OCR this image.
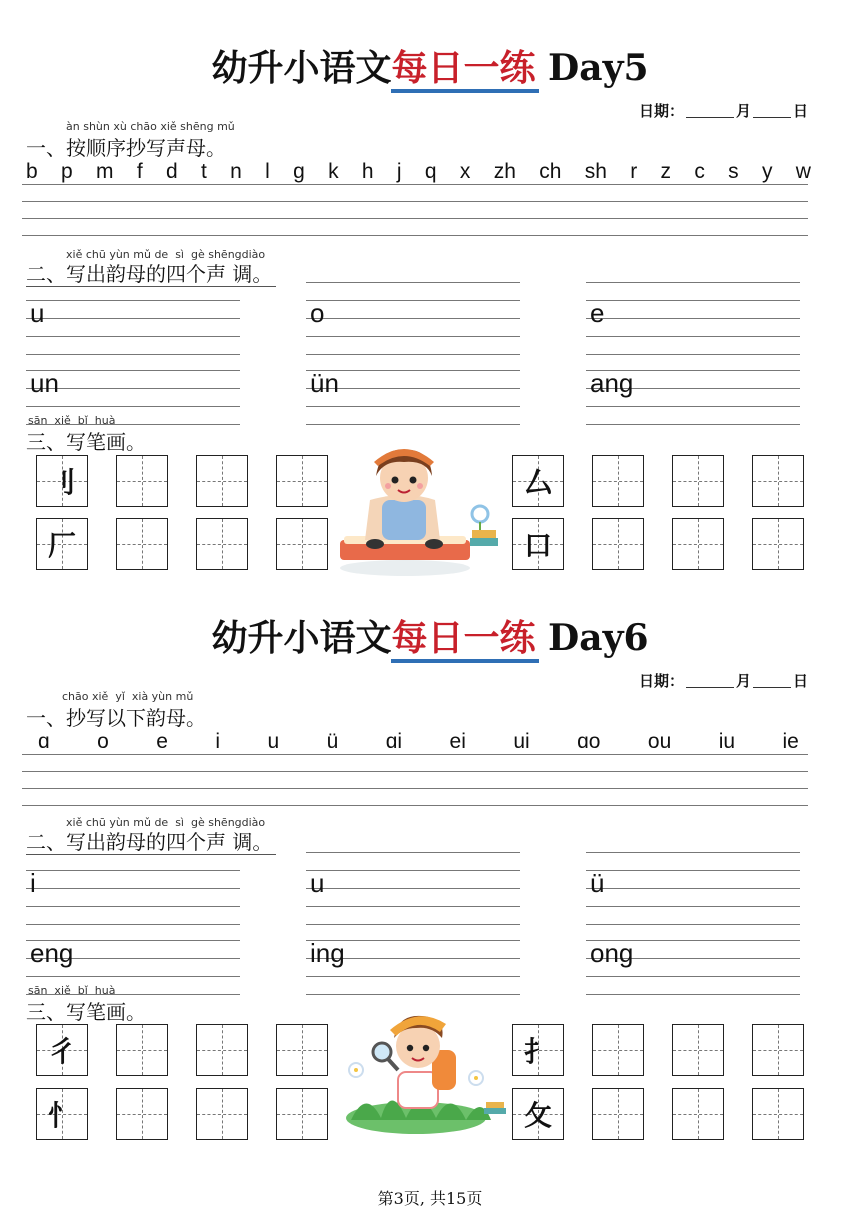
幼升小语文每日一练 Day5
日期：	月	日
àn shùn xù chāo xiě shēng mǔ
一、按顺序抄写声母。
b p m f d t n l g k h j q x zh ch sh r z c s y w
xiě chū yùn mǔ de  sì  gè shēngdiào
二、写出韵母的四个声 调。
u	o	e
un	ün	ang
sān  xiě  bǐ  huà
三、写笔画。
刂	厶
厂	口
幼升小语文每日一练 Day6
日期：	月	日
chāo xiě  yǐ  xià yùn mǔ
一、抄写以下韵母。
ɑ o e i u ü ɑi ei ui ɑo ou iu ie
xiě chū yùn mǔ de  sì  gè shēngdiào
二、写出韵母的四个声 调。
i	u	ü
eng	ing	ong
sān  xiě  bǐ  huà
三、写笔画。
彳	扌
忄	攵
第3页, 共15页
